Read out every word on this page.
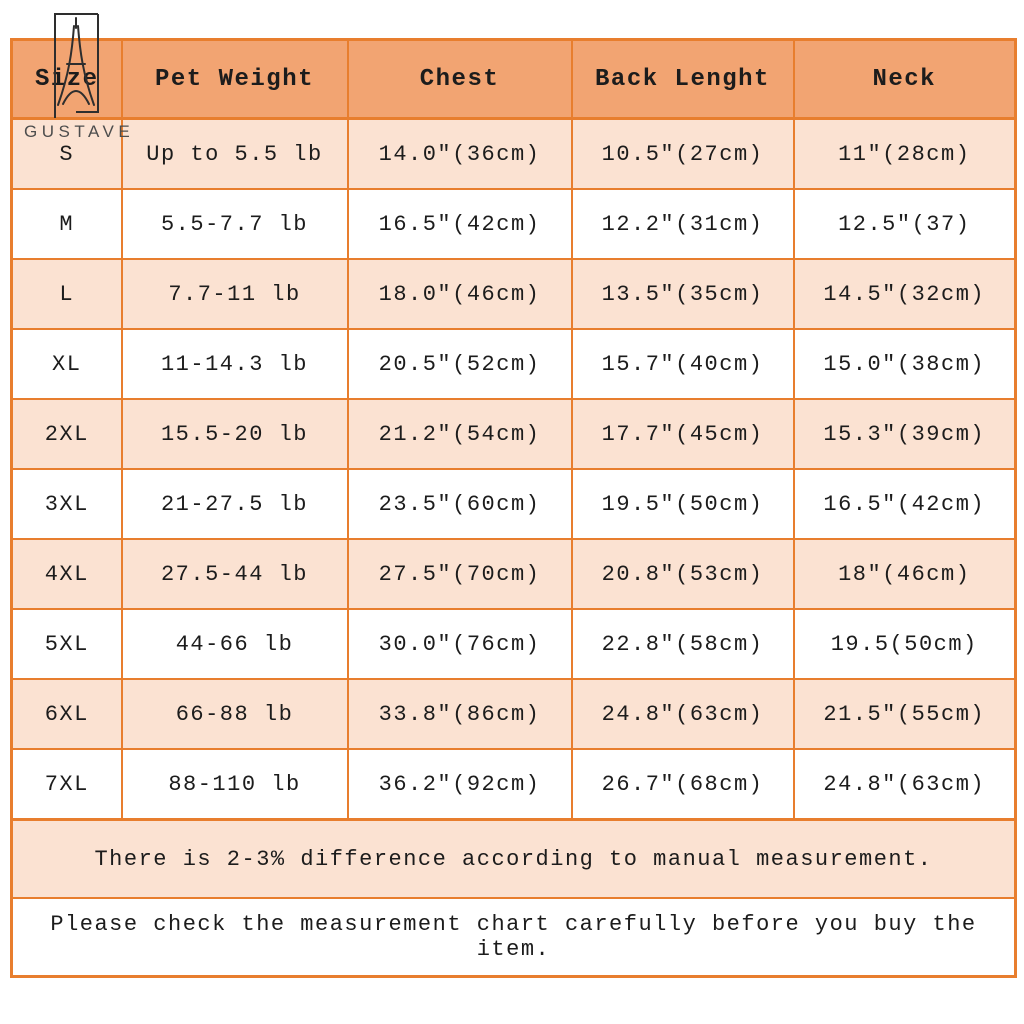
Size	Pet Weight	Chest	Back Lenght	Neck
S	Up to 5.5 lb	14.0″(36cm)	10.5″(27cm)	11″(28cm)
M	5.5-7.7 lb	16.5″(42cm)	12.2″(31cm)	12.5″(37)
L	7.7-11 lb	18.0″(46cm)	13.5″(35cm)	14.5″(32cm)
XL	11-14.3 lb	20.5″(52cm)	15.7″(40cm)	15.0″(38cm)
2XL	15.5-20 lb	21.2″(54cm)	17.7″(45cm)	15.3″(39cm)
3XL	21-27.5 lb	23.5″(60cm)	19.5″(50cm)	16.5″(42cm)
4XL	27.5-44 lb	27.5″(70cm)	20.8″(53cm)	18″(46cm)
5XL	44-66 lb	30.0″(76cm)	22.8″(58cm)	19.5(50cm)
6XL	66-88 lb	33.8″(86cm)	24.8″(63cm)	21.5″(55cm)
7XL	88-110 lb	36.2″(92cm)	26.7″(68cm)	24.8″(63cm)
There is 2-3% difference according to manual measurement.				
Please check the measurement chart carefully before you buy the item.				
GUSTAVE
